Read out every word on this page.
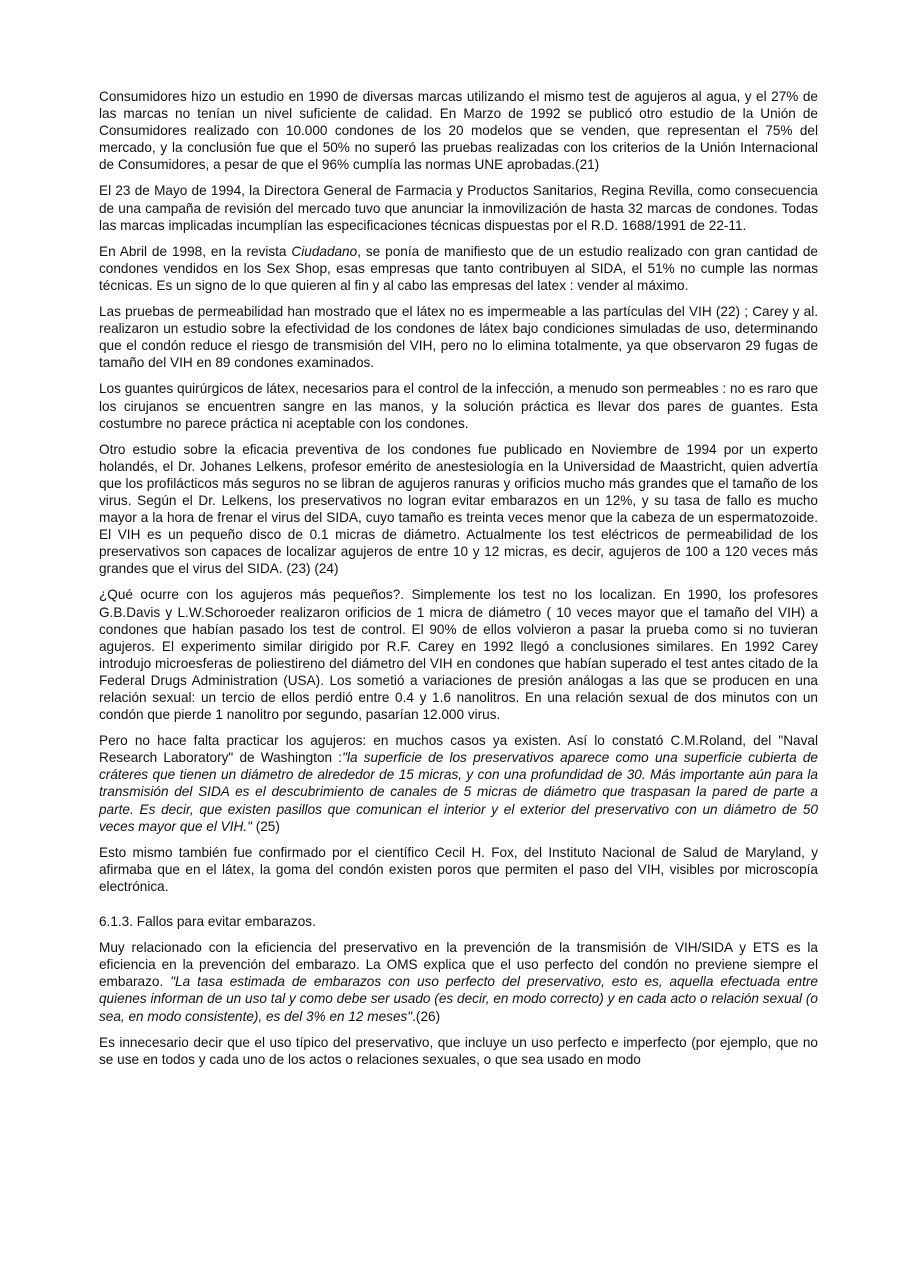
Consumidores hizo un estudio en 1990 de diversas marcas utilizando el mismo test de agujeros al agua, y el 27% de las marcas no tenían un nivel suficiente de calidad. En Marzo de 1992 se publicó otro estudio de la Unión de Consumidores realizado con 10.000 condones de los 20 modelos que se venden, que representan el 75% del mercado, y la conclusión fue que el 50% no superó las pruebas realizadas con los criterios de la Unión Internacional de Consumidores, a pesar de que el 96% cumplía las normas UNE aprobadas.(21)

El 23 de Mayo de 1994, la Directora General de Farmacia y Productos Sanitarios, Regina Revilla, como consecuencia de una campaña de revisión del mercado tuvo que anunciar la inmovilización de hasta 32 marcas de condones. Todas las marcas implicadas incumplían las especificaciones técnicas dispuestas por el R.D. 1688/1991 de 22-11.

En Abril de 1998, en la revista Ciudadano, se ponía de manifiesto que de un estudio realizado con gran cantidad de condones vendidos en los Sex Shop, esas empresas que tanto contribuyen al SIDA, el 51% no cumple las normas técnicas. Es un signo de lo que quieren al fin y al cabo las empresas del latex : vender al máximo.

Las pruebas de permeabilidad han mostrado que el látex no es impermeable a las partículas del VIH (22) ; Carey y al. realizaron un estudio sobre la efectividad de los condones de látex bajo condiciones simuladas de uso, determinando que el condón reduce el riesgo de transmisión del VIH, pero no lo elimina totalmente, ya que observaron 29 fugas de tamaño del VIH en 89 condones examinados.

Los guantes quirúrgicos de látex, necesarios para el control de la infección, a menudo son permeables : no es raro que los cirujanos se encuentren sangre en las manos, y la solución práctica es llevar dos pares de guantes. Esta costumbre no parece práctica ni aceptable con los condones.

Otro estudio sobre la eficacia preventiva de los condones fue publicado en Noviembre de 1994 por un experto holandés, el Dr. Johanes Lelkens, profesor emérito de anestesiología en la Universidad de Maastricht, quien advertía que los profilácticos más seguros no se libran de agujeros ranuras y orificios mucho más grandes que el tamaño de los virus. Según el Dr. Lelkens, los preservativos no logran evitar embarazos en un 12%, y su tasa de fallo es mucho mayor a la hora de frenar el virus del SIDA, cuyo tamaño es treinta veces menor que la cabeza de un espermatozoide. El VIH es un pequeño disco de 0.1 micras de diámetro. Actualmente los test eléctricos de permeabilidad de los preservativos son capaces de localizar agujeros de entre 10 y 12 micras, es decir, agujeros de 100 a 120 veces más grandes que el virus del SIDA. (23) (24)

¿Qué ocurre con los agujeros más pequeños?. Simplemente los test no los localizan. En 1990, los profesores G.B.Davis y L.W.Schoroeder realizaron orificios de 1 micra de diámetro ( 10 veces mayor que el tamaño del VIH) a condones que habían pasado los test de control. El 90% de ellos volvieron a pasar la prueba como si no tuvieran agujeros. El experimento similar dirigido por R.F. Carey en 1992 llegó a conclusiones similares. En 1992 Carey introdujo microesferas de poliestireno del diámetro del VIH en condones que habían superado el test antes citado de la Federal Drugs Administration (USA). Los sometió a variaciones de presión análogas a las que se producen en una relación sexual: un tercio de ellos perdió entre 0.4 y 1.6 nanolitros. En una relación sexual de dos minutos con un condón que pierde 1 nanolitro por segundo, pasarían 12.000 virus.

Pero no hace falta practicar los agujeros: en muchos casos ya existen. Así lo constató C.M.Roland, del "Naval Research Laboratory" de Washington :"la superficie de los preservativos aparece como una superficie cubierta de cráteres que tienen un diámetro de alrededor de 15 micras, y con una profundidad de 30. Más importante aún para la transmisión del SIDA es el descubrimiento de canales de 5 micras de diámetro que traspasan la pared de parte a parte. Es decir, que existen pasillos que comunican el interior y el exterior del preservativo con un diámetro de 50 veces mayor que el VIH." (25)

Esto mismo también fue confirmado por el científico Cecil H. Fox, del Instituto Nacional de Salud de Maryland, y afirmaba que en el látex, la goma del condón existen poros que permiten el paso del VIH, visibles por microscopía electrónica.

6.1.3. Fallos para evitar embarazos.

Muy relacionado con la eficiencia del preservativo en la prevención de la transmisión de VIH/SIDA y ETS es la eficiencia en la prevención del embarazo. La OMS explica que el uso perfecto del condón no previene siempre el embarazo. "La tasa estimada de embarazos con uso perfecto del preservativo, esto es, aquella efectuada entre quienes informan de un uso tal y como debe ser usado (es decir, en modo correcto) y en cada acto o relación sexual (o sea, en modo consistente), es del 3% en 12 meses".(26)

Es innecesario decir que el uso típico del preservativo, que incluye un uso perfecto e imperfecto (por ejemplo, que no se use en todos y cada uno de los actos o relaciones sexuales, o que sea usado en modo
